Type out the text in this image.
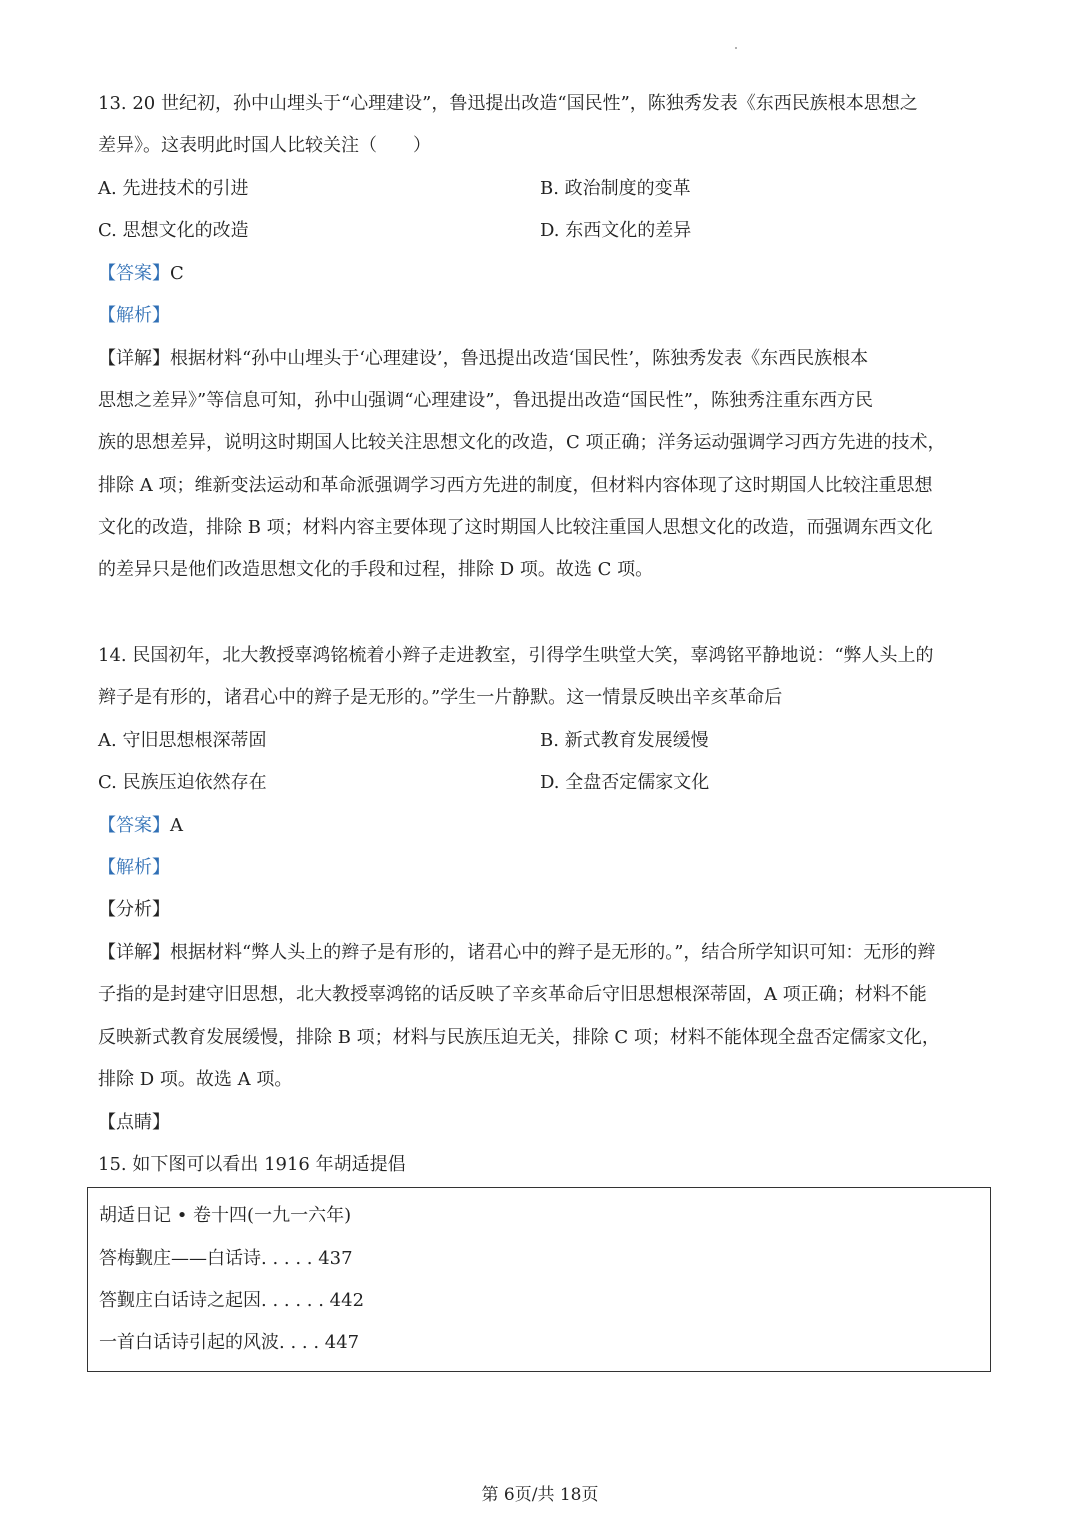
13. 20 世纪初，孙中山埋头于“心理建设”，鲁迅提出改造“国民性”，陈独秀发表《东西民族根本思想之
差异》。这表明此时国人比较关注（　　）
A. 先进技术的引进	B. 政治制度的变革
C. 思想文化的改造	D. 东西文化的差异
【答案】C
【解析】
【详解】根据材料“孙中山埋头于‘心理建设’，鲁迅提出改造‘国民性’，陈独秀发表《东西民族根本
思想之差异》”等信息可知，孙中山强调“心理建设”，鲁迅提出改造“国民性”，陈独秀注重东西方民
族的思想差异，说明这时期国人比较关注思想文化的改造，C 项正确；洋务运动强调学习西方先进的技术，
排除 A 项；维新变法运动和革命派强调学习西方先进的制度，但材料内容体现了这时期国人比较注重思想
文化的改造，排除 B 项；材料内容主要体现了这时期国人比较注重国人思想文化的改造，而强调东西文化
的差异只是他们改造思想文化的手段和过程，排除 D 项。故选 C 项。
14. 民国初年，北大教授辜鸿铭梳着小辫子走进教室，引得学生哄堂大笑，辜鸿铭平静地说：“弊人头上的
辫子是有形的，诸君心中的辫子是无形的。”学生一片静默。这一情景反映出辛亥革命后
A. 守旧思想根深蒂固	B. 新式教育发展缓慢
C. 民族压迫依然存在	D. 全盘否定儒家文化
【答案】A
【解析】
【分析】
【详解】根据材料“弊人头上的辫子是有形的，诸君心中的辫子是无形的。”，结合所学知识可知：无形的辫
子指的是封建守旧思想，北大教授辜鸿铭的话反映了辛亥革命后守旧思想根深蒂固，A 项正确；材料不能
反映新式教育发展缓慢，排除 B 项；材料与民族压迫无关，排除 C 项；材料不能体现全盘否定儒家文化，
排除 D 项。故选 A 项。
【点睛】
15. 如下图可以看出 1916 年胡适提倡
胡适日记 • 卷十四(一九一六年)
答梅觐庄——白话诗. . . . . 437
答觐庄白话诗之起因. . . . . . 442
一首白话诗引起的风波. . . . 447
第 6页/共 18页
